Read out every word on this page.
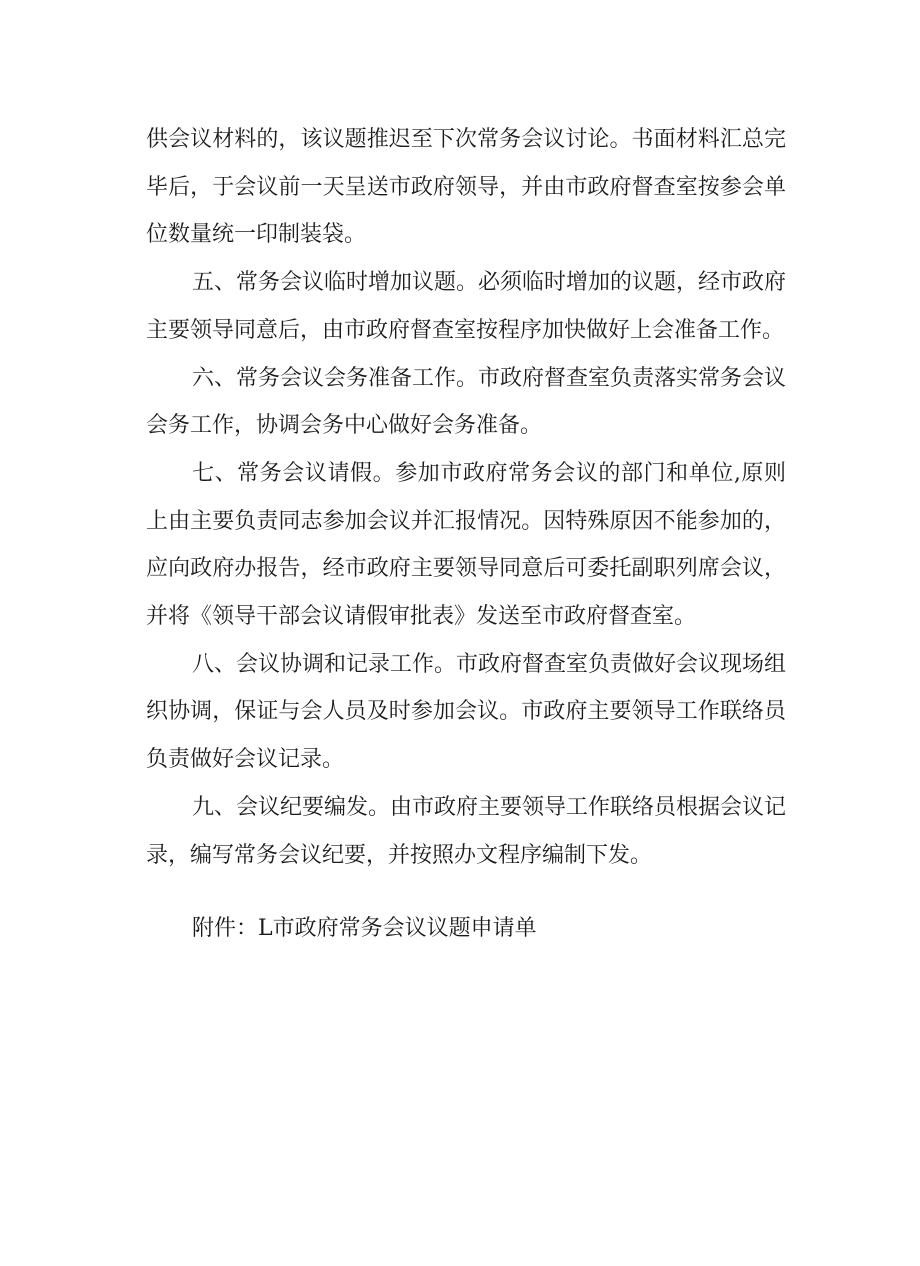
供会议材料的，该议题推迟至下次常务会议讨论。书面材料汇总完毕后，于会议前一天呈送市政府领导，并由市政府督查室按参会单位数量统一印制装袋。

五、常务会议临时增加议题。必须临时增加的议题，经市政府主要领导同意后，由市政府督查室按程序加快做好上会准备工作。

六、常务会议会务准备工作。市政府督查室负责落实常务会议会务工作，协调会务中心做好会务准备。

七、常务会议请假。参加市政府常务会议的部门和单位,原则上由主要负责同志参加会议并汇报情况。因特殊原因不能参加的，应向政府办报告，经市政府主要领导同意后可委托副职列席会议，并将《领导干部会议请假审批表》发送至市政府督查室。

八、会议协调和记录工作。市政府督查室负责做好会议现场组织协调，保证与会人员及时参加会议。市政府主要领导工作联络员负责做好会议记录。

九、会议纪要编发。由市政府主要领导工作联络员根据会议记录，编写常务会议纪要，并按照办文程序编制下发。

附件：L市政府常务会议议题申请单
